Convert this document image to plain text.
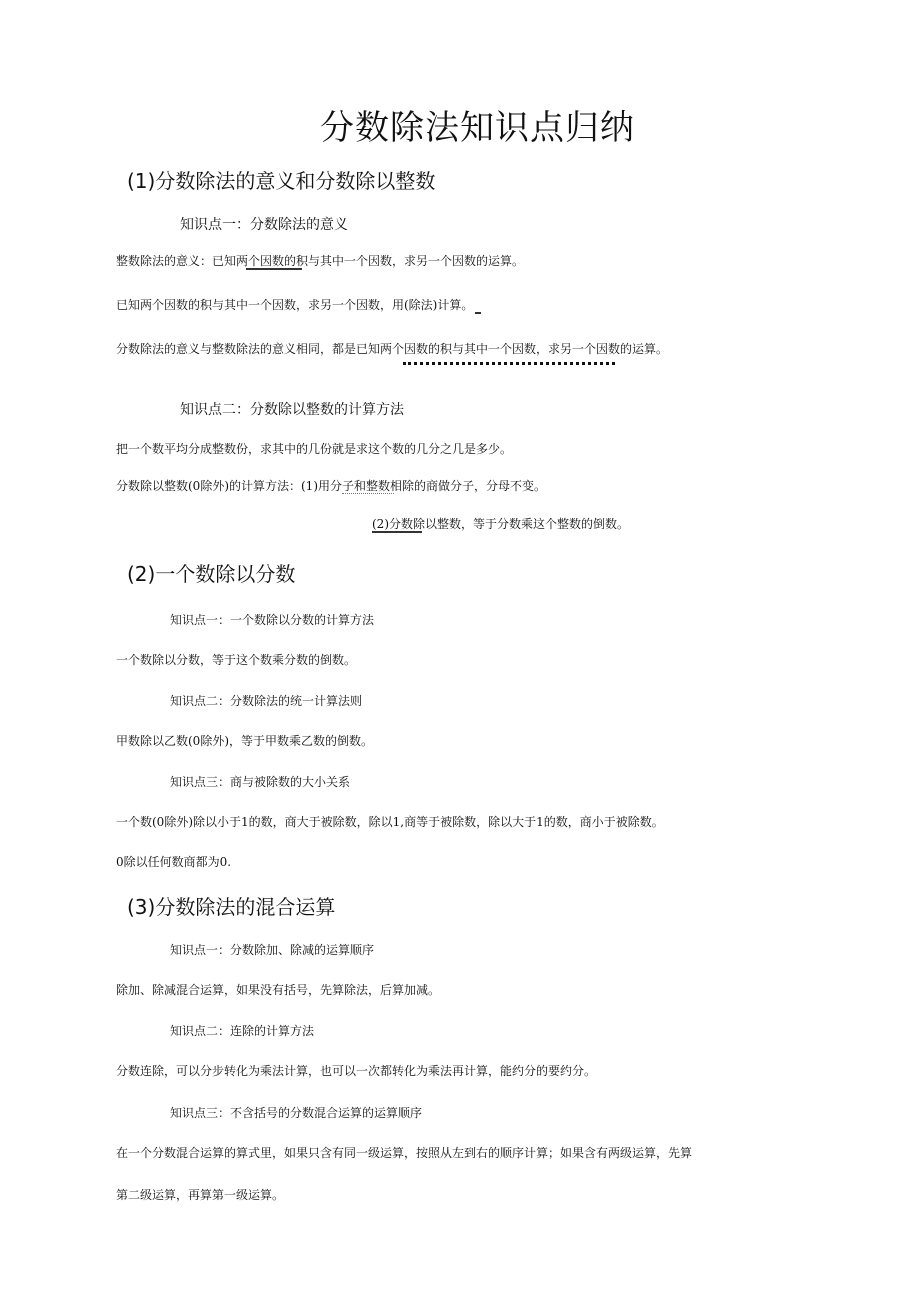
分数除法知识点归纳
(1)分数除法的意义和分数除以整数
知识点一：分数除法的意义
整数除法的意义：已知两个因数的积与其中一个因数，求另一个因数的运算。
已知两个因数的积与其中一个因数，求另一个因数，用(除法)计算。
分数除法的意义与整数除法的意义相同，都是已知两个因数的积与其中一个因数，求另一个因数的运算。
知识点二：分数除以整数的计算方法
把一个数平均分成整数份，求其中的几份就是求这个数的几分之几是多少。
分数除以整数(0除外)的计算方法：(1)用分子和整数相除的商做分子，分母不变。
(2)分数除以整数，等于分数乘这个整数的倒数。
(2)一个数除以分数
知识点一：一个数除以分数的计算方法
一个数除以分数，等于这个数乘分数的倒数。
知识点二：分数除法的统一计算法则
甲数除以乙数(0除外)，等于甲数乘乙数的倒数。
知识点三：商与被除数的大小关系
一个数(0除外)除以小于1的数，商大于被除数，除以1,商等于被除数，除以大于1的数，商小于被除数。
0除以任何数商都为0.
(3)分数除法的混合运算
知识点一：分数除加、除减的运算顺序
除加、除减混合运算，如果没有括号，先算除法，后算加减。
知识点二：连除的计算方法
分数连除，可以分步转化为乘法计算，也可以一次都转化为乘法再计算，能约分的要约分。
知识点三：不含括号的分数混合运算的运算顺序
在一个分数混合运算的算式里，如果只含有同一级运算，按照从左到右的顺序计算；如果含有两级运算，先算
第二级运算，再算第一级运算。
